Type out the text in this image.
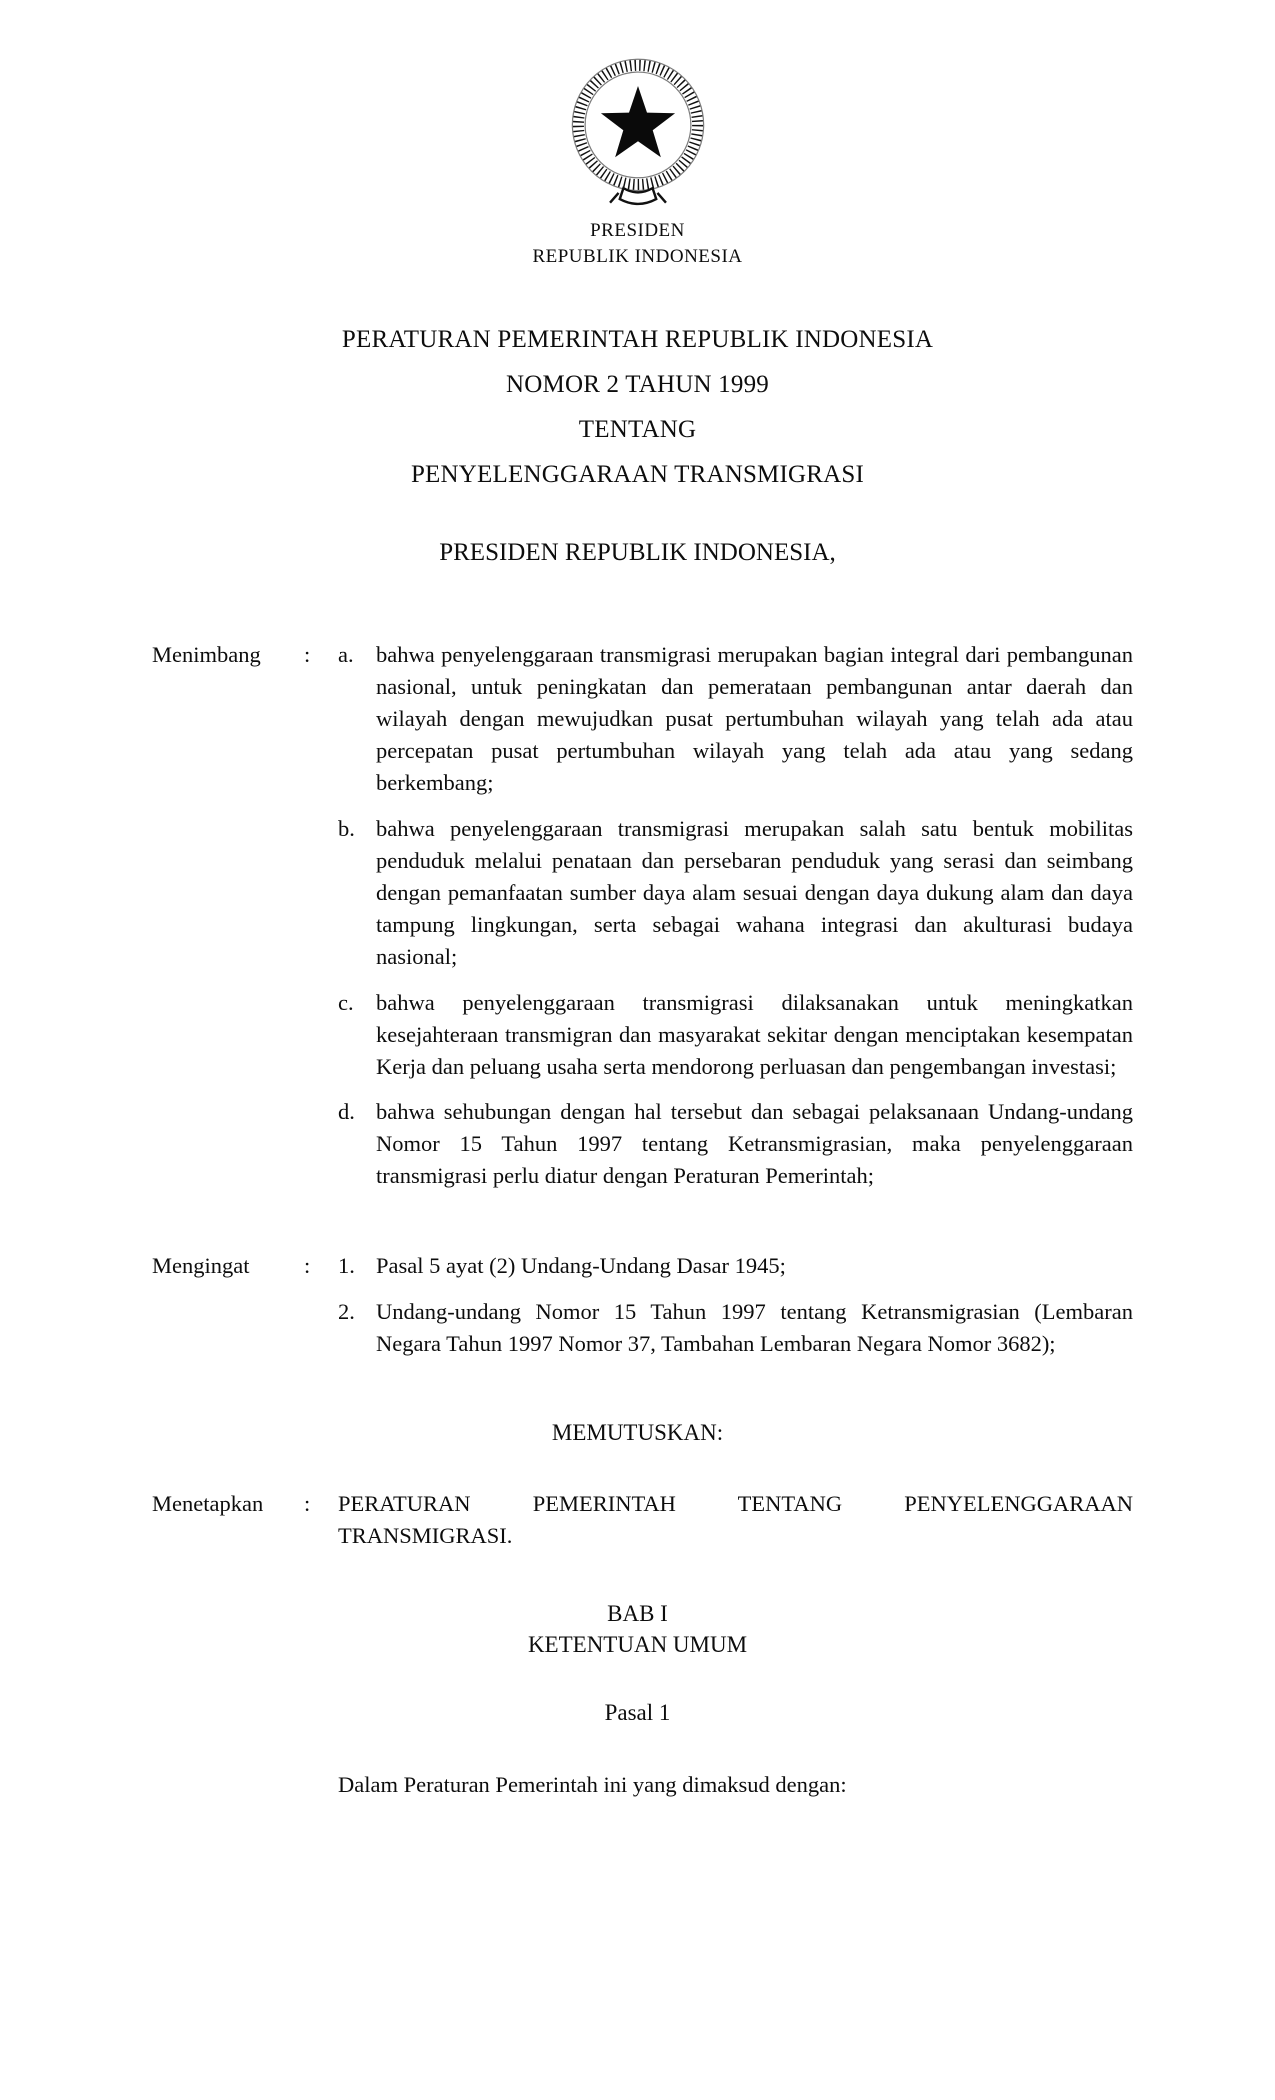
PRESIDEN
REPUBLIK INDONESIA
PERATURAN PEMERINTAH REPUBLIK INDONESIA
NOMOR 2 TAHUN 1999
TENTANG
PENYELENGGARAAN TRANSMIGRASI
PRESIDEN REPUBLIK INDONESIA,
Menimbang	:	a. bahwa penyelenggaraan transmigrasi merupakan bagian integral dari pembangunan nasional, untuk peningkatan dan pemerataan pembangunan antar daerah dan wilayah dengan mewujudkan pusat pertumbuhan wilayah yang telah ada atau percepatan pusat pertumbuhan wilayah yang telah ada atau yang sedang berkembang;
b. bahwa penyelenggaraan transmigrasi merupakan salah satu bentuk mobilitas penduduk melalui penataan dan persebaran penduduk yang serasi dan seimbang dengan pemanfaatan sumber daya alam sesuai dengan daya dukung alam dan daya tampung lingkungan, serta sebagai wahana integrasi dan akulturasi budaya nasional;
c. bahwa penyelenggaraan transmigrasi dilaksanakan untuk meningkatkan kesejahteraan transmigran dan masyarakat sekitar dengan menciptakan kesempatan Kerja dan peluang usaha serta mendorong perluasan dan pengembangan investasi;
d. bahwa sehubungan dengan hal tersebut dan sebagai pelaksanaan Undang-undang Nomor 15 Tahun 1997 tentang Ketransmigrasian, maka penyelenggaraan transmigrasi perlu diatur dengan Peraturan Pemerintah;
Mengingat	:	1. Pasal 5 ayat (2) Undang-Undang Dasar 1945;
2. Undang-undang Nomor 15 Tahun 1997 tentang Ketransmigrasian (Lembaran Negara Tahun 1997 Nomor 37, Tambahan Lembaran Negara Nomor 3682);
MEMUTUSKAN:
Menetapkan	:	PERATURAN PEMERINTAH TENTANG PENYELENGGARAAN TRANSMIGRASI.
BAB I
KETENTUAN UMUM
Pasal 1
Dalam Peraturan Pemerintah ini yang dimaksud dengan:
